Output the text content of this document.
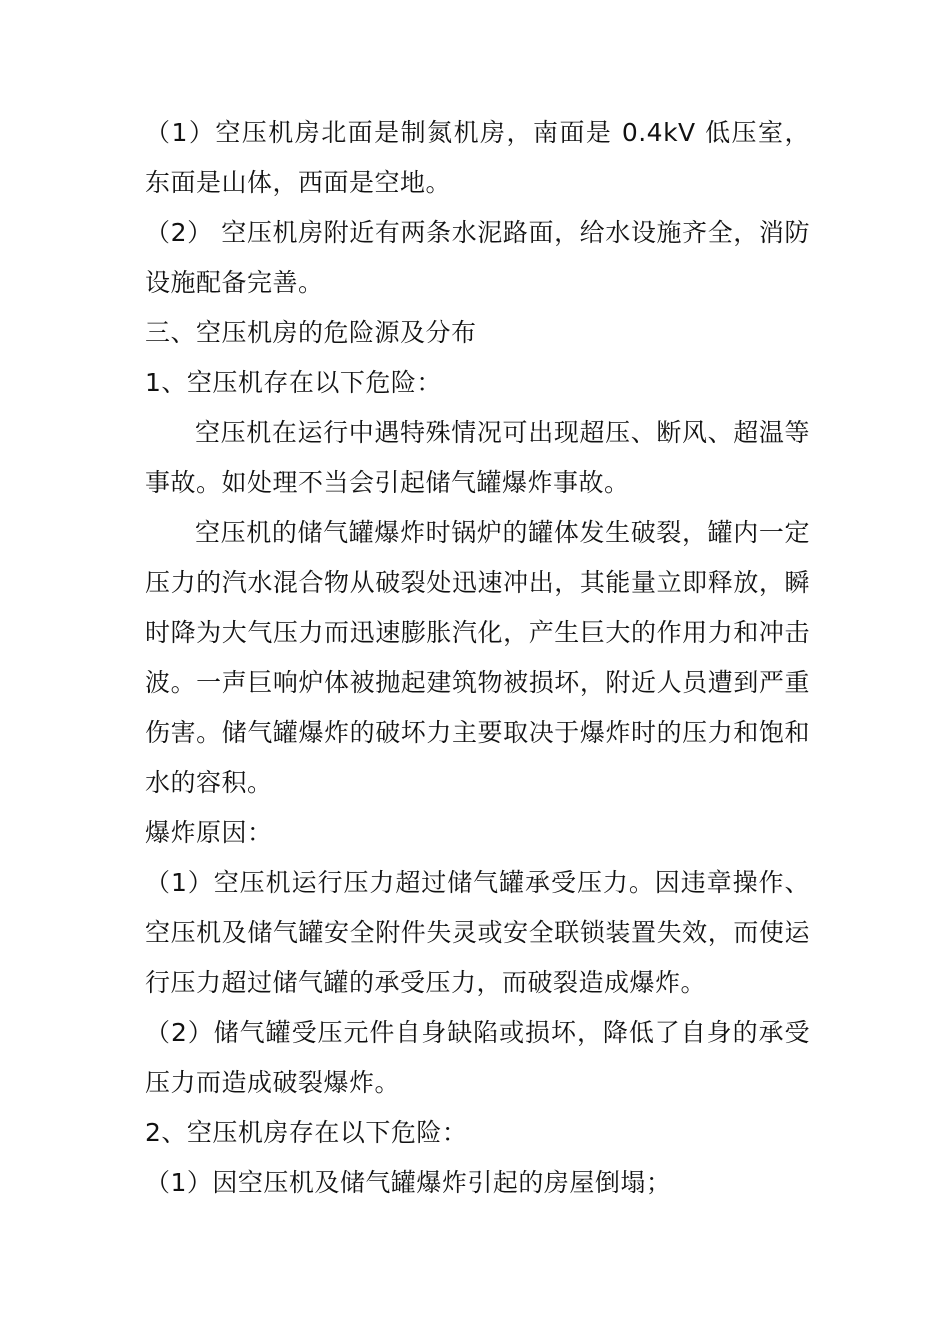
（1）空压机房北面是制氮机房，南面是 0.4kV 低压室，东面是山体，西面是空地。

（2） 空压机房附近有两条水泥路面，给水设施齐全，消防设施配备完善。

三、空压机房的危险源及分布

1、空压机存在以下危险：

空压机在运行中遇特殊情况可出现超压、断风、超温等事故。如处理不当会引起储气罐爆炸事故。

空压机的储气罐爆炸时锅炉的罐体发生破裂，罐内一定压力的汽水混合物从破裂处迅速冲出，其能量立即释放，瞬时降为大气压力而迅速膨胀汽化，产生巨大的作用力和冲击波。一声巨响炉体被抛起建筑物被损坏，附近人员遭到严重伤害。储气罐爆炸的破坏力主要取决于爆炸时的压力和饱和水的容积。

爆炸原因：

（1）空压机运行压力超过储气罐承受压力。因违章操作、空压机及储气罐安全附件失灵或安全联锁装置失效，而使运行压力超过储气罐的承受压力，而破裂造成爆炸。

（2）储气罐受压元件自身缺陷或损坏，降低了自身的承受压力而造成破裂爆炸。

2、空压机房存在以下危险：

（1）因空压机及储气罐爆炸引起的房屋倒塌；
